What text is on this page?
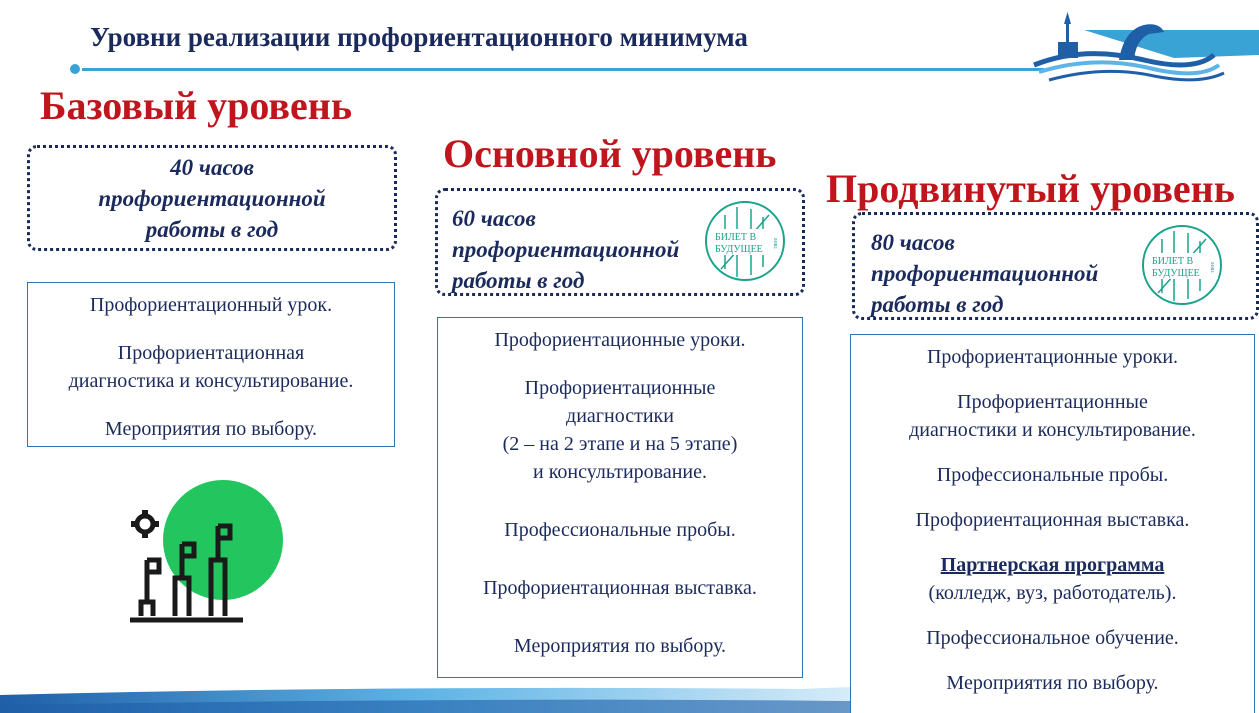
Уровни реализации профориентационного минимума
Базовый уровень
40 часов
профориентационной
работы в год

Профориентационный урок.

Профориентационная

диагностика и консультирование.

Мероприятия по выбору.

Основной уровень
60 часов
профориентационной
работы в год
БИЛЕТ В
БУДУЩЕЕ
твое

Профориентационные уроки.

Профориентационные

диагностики

(2 – на 2 этапе и на 5 этапе)

и консультирование.

Профессиональные пробы.

Профориентационная выставка.

Мероприятия по выбору.

Продвинутый уровень
80 часов
профориентационной
работы в год
БИЛЕТ В
БУДУЩЕЕ
твое

Профориентационные уроки.

Профориентационные

диагностики и консультирование.

Профессиональные пробы.

Профориентационная выставка.

Партнерская программа

(колледж, вуз, работодатель).

Профессиональное обучение.

Мероприятия по выбору.
